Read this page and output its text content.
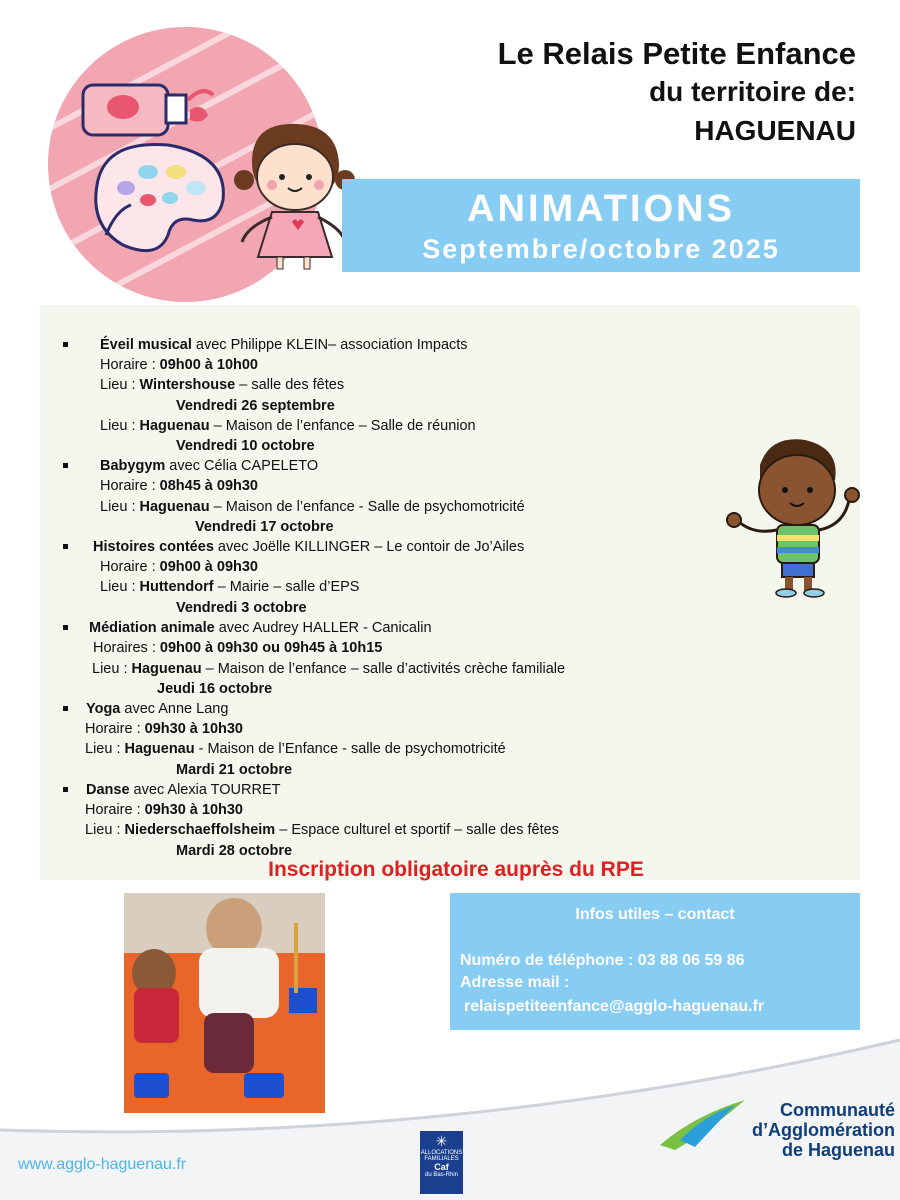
Le Relais Petite Enfance
du territoire de:
HAGUENAU
ANIMATIONS
Septembre/octobre 2025
Éveil musical avec Philippe KLEIN– association Impacts
Horaire : 09h00 à 10h00
Lieu : Wintershouse – salle des fêtes
Vendredi 26 septembre
Lieu : Haguenau – Maison de l’enfance – Salle de réunion
Vendredi 10 octobre
Babygym avec Célia CAPELETO
Horaire : 08h45 à 09h30
Lieu : Haguenau – Maison de l’enfance - Salle de psychomotricité
Vendredi 17 octobre
Histoires contées avec Joëlle KILLINGER – Le contoir de Jo’Ailes
Horaire : 09h00 à 09h30
Lieu : Huttendorf – Mairie – salle d’EPS
Vendredi 3 octobre
Médiation animale avec Audrey HALLER - Canicalin
Horaires : 09h00 à 09h30 ou 09h45 à 10h15
Lieu : Haguenau – Maison de l’enfance – salle d’activités crèche familiale
Jeudi 16 octobre
Yoga avec Anne Lang
Horaire : 09h30 à 10h30
Lieu : Haguenau - Maison de l’Enfance - salle de psychomotricité
Mardi 21 octobre
Danse avec Alexia TOURRET
Horaire : 09h30 à 10h30
Lieu : Niederschaeffolsheim – Espace culturel et sportif – salle des fêtes
Mardi 28 octobre
Inscription obligatoire auprès du RPE
Infos utiles – contact
Numéro de téléphone : 03 88 06 59 86
Adresse mail :
relaispetiteenfance@agglo-haguenau.fr
www.agglo-haguenau.fr
✳
ALLOCATIONS
FAMILIALES
Caf
du Bas-Rhin
Communauté
d’Agglomération
de Haguenau
